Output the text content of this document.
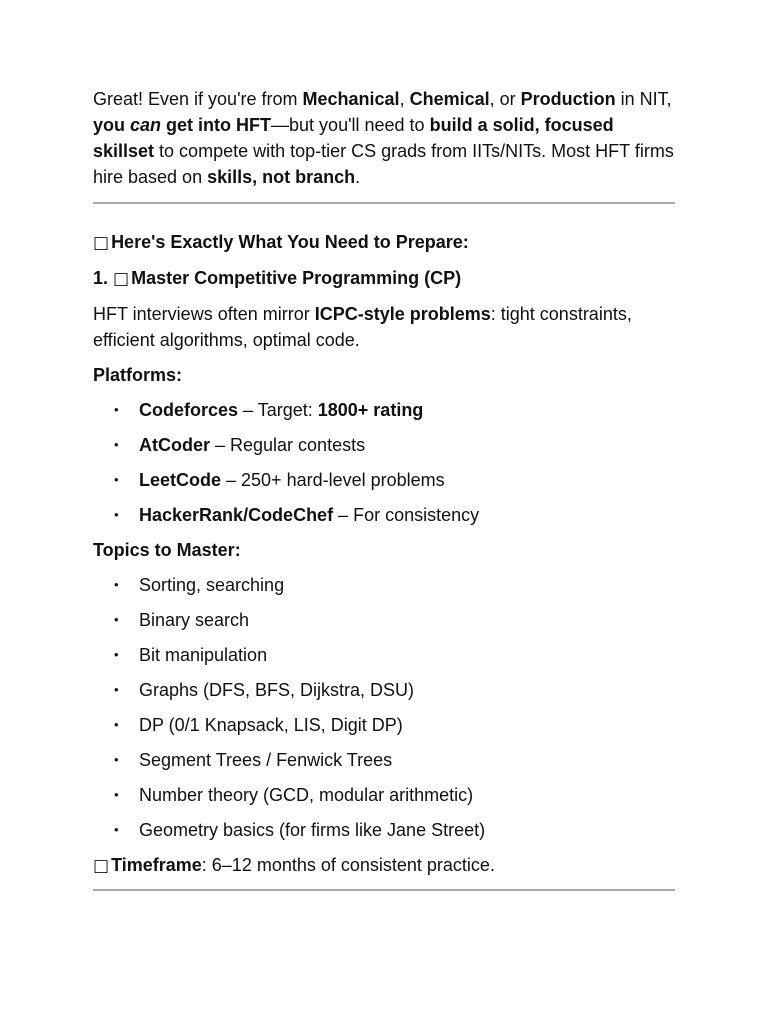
Great! Even if you're from Mechanical, Chemical, or Production in NIT, you can get into HFT—but you'll need to build a solid, focused skillset to compete with top-tier CS grads from IITs/NITs. Most HFT firms hire based on skills, not branch.

□ Here's Exactly What You Need to Prepare:

1. □ Master Competitive Programming (CP)

HFT interviews often mirror ICPC-style problems: tight constraints, efficient algorithms, optimal code.

Platforms:

• Codeforces – Target: 1800+ rating
• AtCoder – Regular contests
• LeetCode – 250+ hard-level problems
• HackerRank/CodeChef – For consistency

Topics to Master:

• Sorting, searching
• Binary search
• Bit manipulation
• Graphs (DFS, BFS, Dijkstra, DSU)
• DP (0/1 Knapsack, LIS, Digit DP)
• Segment Trees / Fenwick Trees
• Number theory (GCD, modular arithmetic)
• Geometry basics (for firms like Jane Street)

□ Timeframe: 6–12 months of consistent practice.
